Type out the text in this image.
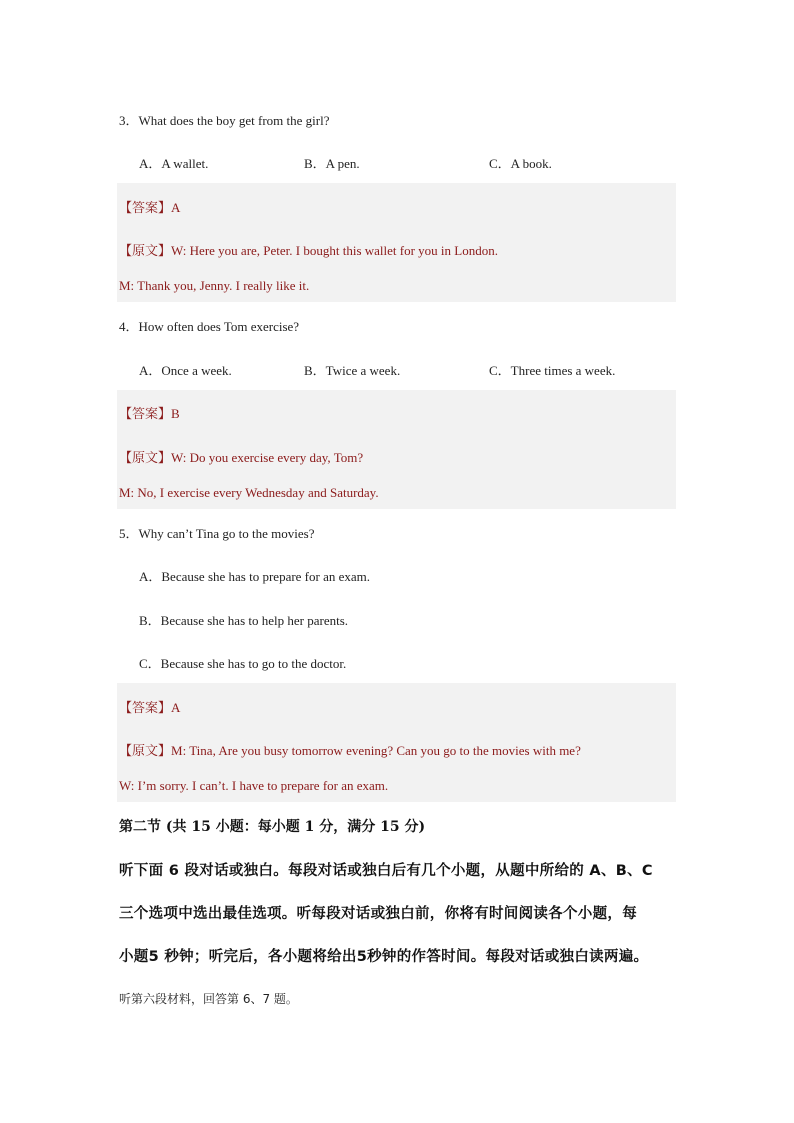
3．What does the boy get from the girl?
A．A wallet.	B．A pen.	C．A book.
【答案】A
【原文】W: Here you are, Peter. I bought this wallet for you in London.
M: Thank you, Jenny. I really like it.
4．How often does Tom exercise?
A．Once a week.	B．Twice a week.	C．Three times a week.
【答案】B
【原文】W: Do you exercise every day, Tom?
M: No, I exercise every Wednesday and Saturday.
5．Why can’t Tina go to the movies?
A．Because she has to prepare for an exam.
B．Because she has to help her parents.
C．Because she has to go to the doctor.
【答案】A
【原文】M: Tina, Are you busy tomorrow evening? Can you go to the movies with me?
W: I’m sorry. I can’t. I have to prepare for an exam.
第二节 (共 15 小题：每小题 1 分，满分 15 分)
听下面 6 段对话或独白。每段对话或独白后有几个小题，从题中所给的 A、B、C
三个选项中选出最佳选项。听每段对话或独白前，你将有时间阅读各个小题，每
小题5 秒钟；听完后，各小题将给出5秒钟的作答时间。每段对话或独白读两遍。
听第六段材料，回答第 6、7 题。
